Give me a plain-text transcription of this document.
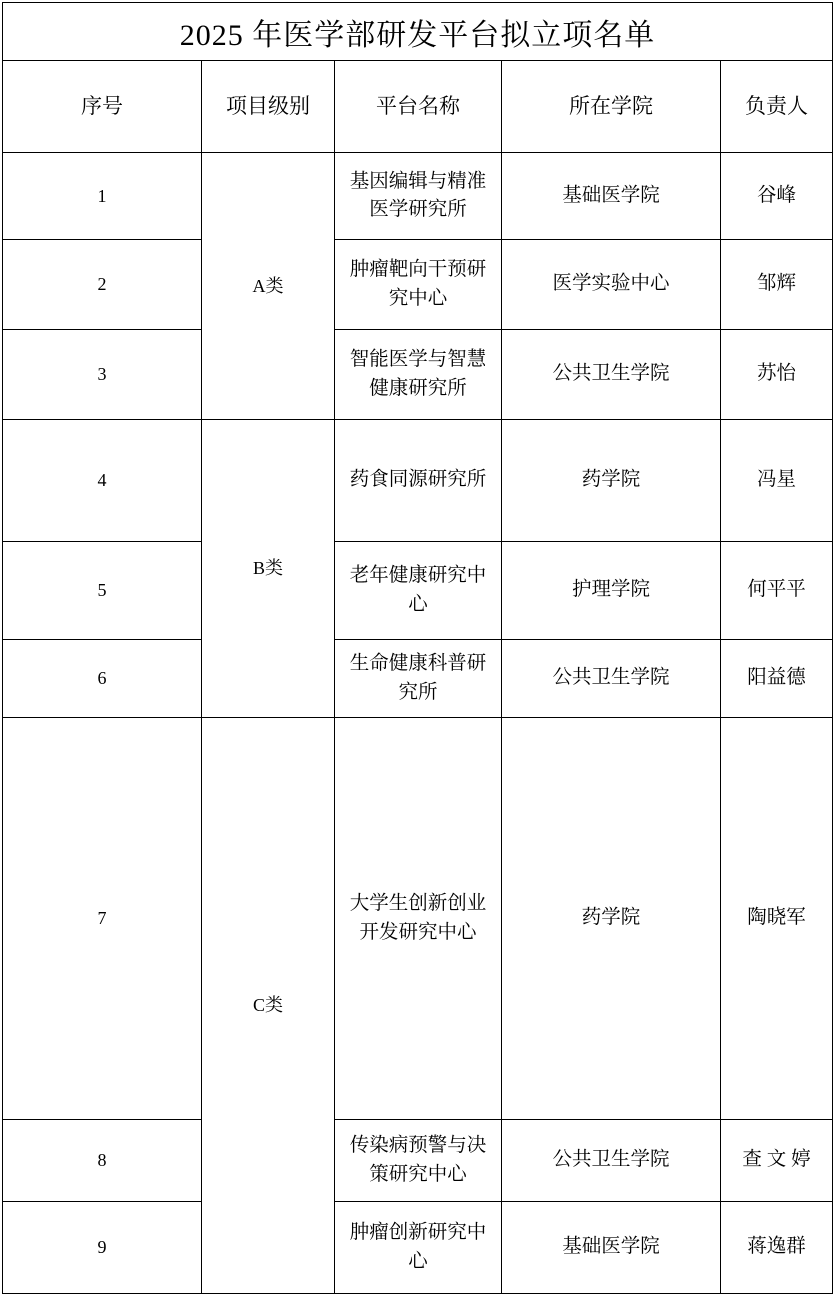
2025 年医学部研发平台拟立项名单				
序号	项目级别	平台名称	所在学院	负责人
1	A类	基因编辑与精准医学研究所	基础医学院	谷峰
2		肿瘤靶向干预研究中心	医学实验中心	邹辉
3		智能医学与智慧健康研究所	公共卫生学院	苏怡
4	B类	药食同源研究所	药学院	冯星
5		老年健康研究中心	护理学院	何平平
6		生命健康科普研究所	公共卫生学院	阳益德
7	C类	大学生创新创业开发研究中心	药学院	陶晓军
8		传染病预警与决策研究中心	公共卫生学院	查 文 婷
9		肿瘤创新研究中心	基础医学院	蒋逸群
